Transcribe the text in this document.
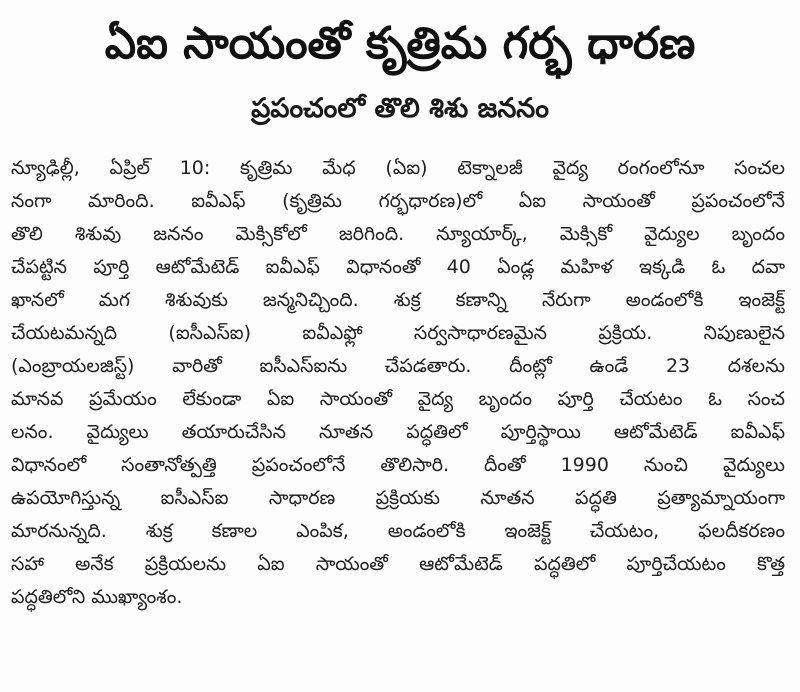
ఏఐ సాయంతో కృత్రిమ గర్భ ధారణ
ప్రపంచంలో తొలి శిశు జననం
న్యూఢిల్లీ, ఏప్రిల్ 10: కృత్రిమ మేధ (ఏఐ) టెక్నాలజీ వైద్య రంగంలోనూ సంచల
నంగా మారింది. ఐవీఎఫ్ (కృత్రిమ గర్భధారణ)లో ఏఐ సాయంతో ప్రపంచంలోనే
తొలి శిశువు జననం మెక్సికోలో జరిగింది. న్యూయార్క్, మెక్సికో వైద్యుల బృందం
చేపట్టిన పూర్తి ఆటోమేటెడ్ ఐవీఎఫ్ విధానంతో 40 ఏండ్ల మహిళ ఇక్కడి ఓ దవా
ఖానలో మగ శిశువుకు జన్మనిచ్చింది. శుక్ర కణాన్ని నేరుగా అండంలోకి ఇంజెక్ట్
చేయటమన్నది (ఐసీఎస్ఐ) ఐవీఎఫ్లో సర్వసాధారణమైన ప్రక్రియ. నిపుణులైన
(ఎంబ్రాయలజిస్ట్) వారితో ఐసీఎస్ఐను చేపడతారు. దీంట్లో ఉండే 23 దశలను
మానవ ప్రమేయం లేకుండా ఏఐ సాయంతో వైద్య బృందం పూర్తి చేయటం ఓ సంచ
లనం. వైద్యులు తయారుచేసిన నూతన పద్ధతిలో పూర్తిస్థాయి ఆటోమేటెడ్ ఐవీఎఫ్
విధానంలో సంతానోత్పత్తి ప్రపంచంలోనే తొలిసారి. దీంతో 1990 నుంచి వైద్యులు
ఉపయోగిస్తున్న ఐసీఎస్ఐ సాధారణ ప్రక్రియకు నూతన పద్ధతి ప్రత్యామ్నాయంగా
మారనున్నది. శుక్ర కణాల ఎంపిక, అండంలోకి ఇంజెక్ట్ చేయటం, ఫలదీకరణం
సహా అనేక ప్రక్రియలను ఏఐ సాయంతో ఆటోమేటెడ్ పద్ధతిలో పూర్తిచేయటం కొత్త
పద్ధతిలోని ముఖ్యాంశం.
